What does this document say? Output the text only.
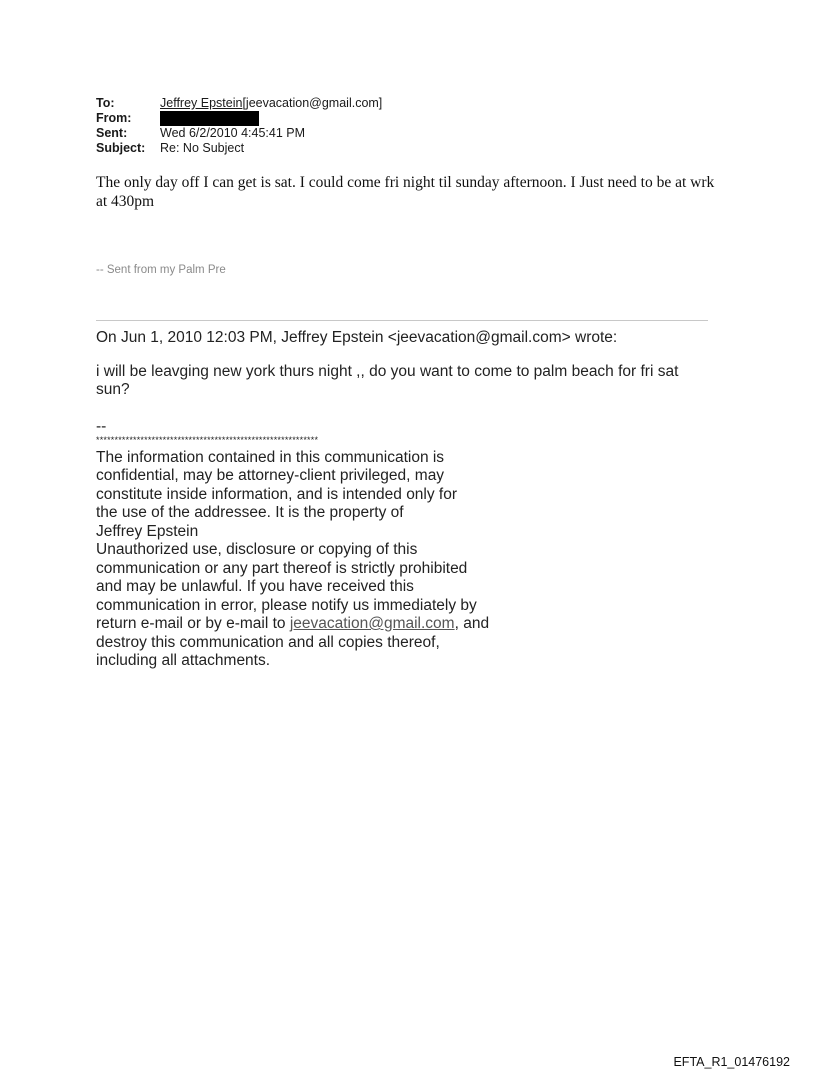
To:	Jeffrey Epstein[jeevacation@gmail.com]
From:
Sent:	Wed 6/2/2010 4:45:41 PM
Subject:	Re: No Subject
The only day off I can get is sat. I could come fri night til sunday afternoon. I Just need to be at wrk at 430pm
-- Sent from my Palm Pre

On Jun 1, 2010 12:03 PM, Jeffrey Epstein <jeevacation@gmail.com> wrote:

i will be leavging new york thurs night ,, do you want to come to palm beach for fri sat sun?

--

************************************************************

The information contained in this communication is
confidential, may be attorney-client privileged, may
constitute inside information, and is intended only for
the use of the addressee. It is the property of
Jeffrey Epstein
Unauthorized use, disclosure or copying of this
communication or any part thereof is strictly prohibited
and may be unlawful. If you have received this
communication in error, please notify us immediately by
return e-mail or by e-mail to jeevacation@gmail.com, and
destroy this communication and all copies thereof,
including all attachments.
EFTA_R1_01476192
